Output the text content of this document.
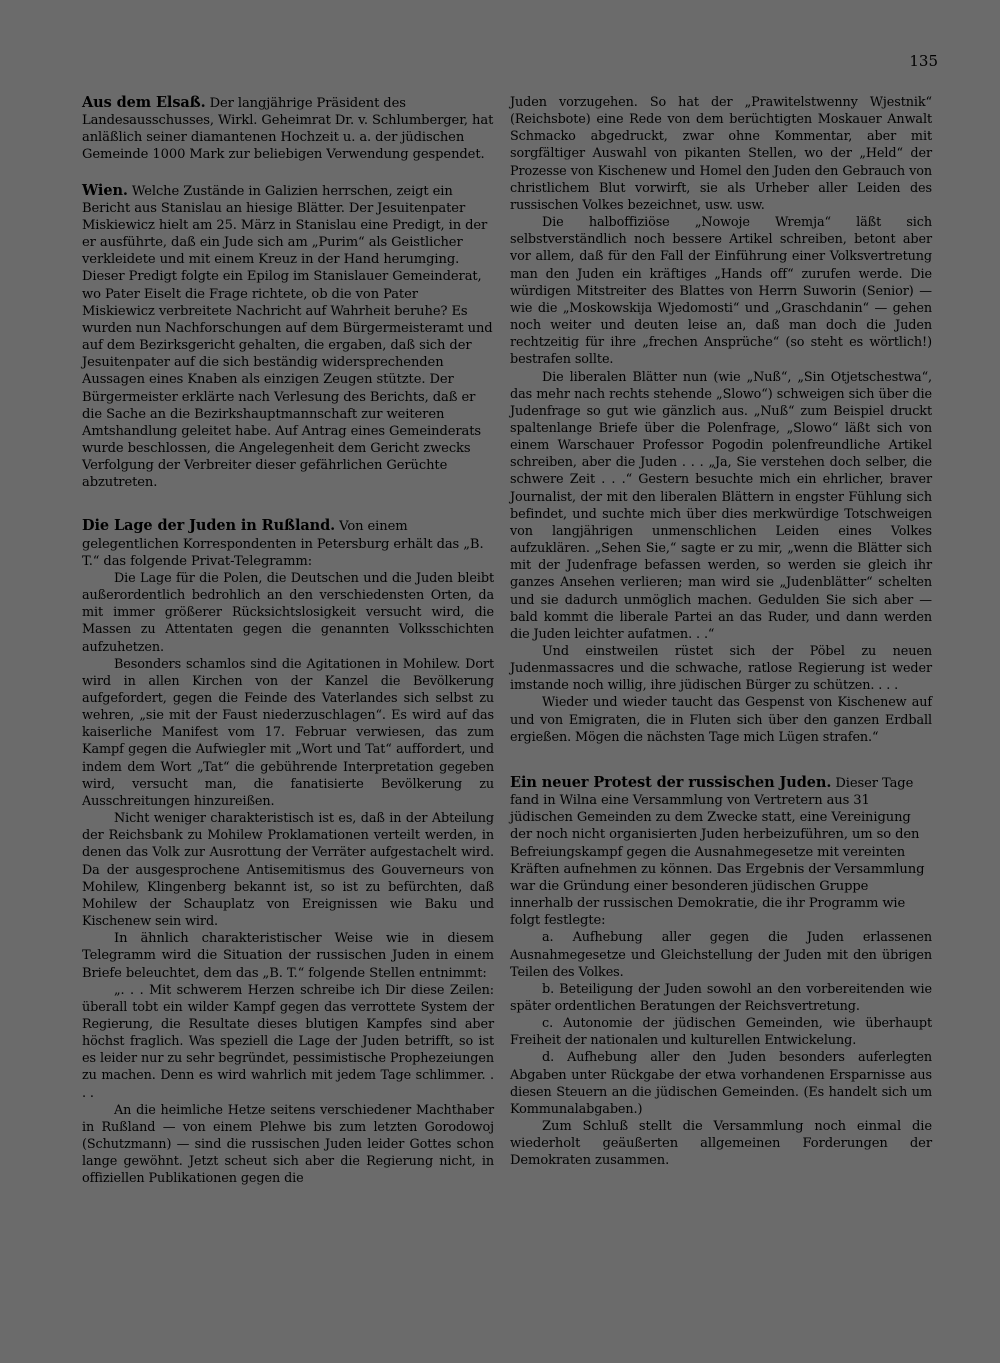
135

Aus dem Elsaß. Der langjährige Präsident des Landesausschusses, Wirkl. Geheimrat Dr. v. Schlumberger, hat anläßlich seiner diamantenen Hochzeit u. a. der jüdischen Gemeinde 1000 Mark zur beliebigen Verwendung gespendet.

Wien. Welche Zustände in Galizien herrschen, zeigt ein Bericht aus Stanislau an hiesige Blätter. Der Jesuitenpater Miskiewicz hielt am 25. März in Stanislau eine Predigt, in der er ausführte, daß ein Jude sich am „Purim“ als Geistlicher verkleidete und mit einem Kreuz in der Hand herumging. Dieser Predigt folgte ein Epilog im Stanislauer Gemeinderat, wo Pater Eiselt die Frage richtete, ob die von Pater Miskiewicz verbreitete Nachricht auf Wahrheit beruhe? Es wurden nun Nachforschungen auf dem Bürgermeisteramt und auf dem Bezirksgericht gehalten, die ergaben, daß sich der Jesuitenpater auf die sich beständig widersprechenden Aussagen eines Knaben als einzigen Zeugen stützte. Der Bürgermeister erklärte nach Verlesung des Berichts, daß er die Sache an die Bezirkshauptmannschaft zur weiteren Amtshandlung geleitet habe. Auf Antrag eines Gemeinderats wurde beschlossen, die Angelegenheit dem Gericht zwecks Verfolgung der Verbreiter dieser gefährlichen Gerüchte abzutreten.

Die Lage der Juden in Rußland. Von einem gelegentlichen Korrespondenten in Petersburg erhält das „B. T.“ das folgende Privat-Telegramm:

Die Lage für die Polen, die Deutschen und die Juden bleibt außerordentlich bedrohlich an den verschiedensten Orten, da mit immer größerer Rücksichtslosigkeit versucht wird, die Massen zu Attentaten gegen die genannten Volksschichten aufzuhetzen.

Besonders schamlos sind die Agitationen in Mohilew. Dort wird in allen Kirchen von der Kanzel die Bevölkerung aufgefordert, gegen die Feinde des Vaterlandes sich selbst zu wehren, „sie mit der Faust niederzuschlagen“. Es wird auf das kaiserliche Manifest vom 17. Februar verwiesen, das zum Kampf gegen die Aufwiegler mit „Wort und Tat“ auffordert, und indem dem Wort „Tat“ die gebührende Interpretation gegeben wird, versucht man, die fanatisierte Bevölkerung zu Ausschreitungen hinzureißen.

Nicht weniger charakteristisch ist es, daß in der Abteilung der Reichsbank zu Mohilew Proklamationen verteilt werden, in denen das Volk zur Ausrottung der Verräter aufgestachelt wird. Da der ausgesprochene Antisemitismus des Gouverneurs von Mohilew, Klingenberg bekannt ist, so ist zu befürchten, daß Mohilew der Schauplatz von Ereignissen wie Baku und Kischenew sein wird.

In ähnlich charakteristischer Weise wie in diesem Telegramm wird die Situation der russischen Juden in einem Briefe beleuchtet, dem das „B. T.“ folgende Stellen entnimmt:

„. . . Mit schwerem Herzen schreibe ich Dir diese Zeilen: überall tobt ein wilder Kampf gegen das verrottete System der Regierung, die Resultate dieses blutigen Kampfes sind aber höchst fraglich. Was speziell die Lage der Juden betrifft, so ist es leider nur zu sehr begründet, pessimistische Prophezeiungen zu machen. Denn es wird wahrlich mit jedem Tage schlimmer. . . .

An die heimliche Hetze seitens verschiedener Machthaber in Rußland — von einem Plehwe bis zum letzten Gorodowoj (Schutzmann) — sind die russischen Juden leider Gottes schon lange gewöhnt. Jetzt scheut sich aber die Regierung nicht, in offiziellen Publikationen gegen die

Juden vorzugehen. So hat der „Prawitelstwenny Wjestnik“ (Reichsbote) eine Rede von dem berüchtigten Moskauer Anwalt Schmacko abgedruckt, zwar ohne Kommentar, aber mit sorgfältiger Auswahl von pikanten Stellen, wo der „Held“ der Prozesse von Kischenew und Homel den Juden den Gebrauch von christlichem Blut vorwirft, sie als Urheber aller Leiden des russischen Volkes bezeichnet, usw. usw.

Die halboffiziöse „Nowoje Wremja“ läßt sich selbstverständlich noch bessere Artikel schreiben, betont aber vor allem, daß für den Fall der Einführung einer Volksvertretung man den Juden ein kräftiges „Hands off“ zurufen werde. Die würdigen Mitstreiter des Blattes von Herrn Suworin (Senior) — wie die „Moskowskija Wjedomosti“ und „Graschdanin“ — gehen noch weiter und deuten leise an, daß man doch die Juden rechtzeitig für ihre „frechen Ansprüche“ (so steht es wörtlich!) bestrafen sollte.

Die liberalen Blätter nun (wie „Nuß“, „Sin Otjetschestwa“, das mehr nach rechts stehende „Slowo“) schweigen sich über die Judenfrage so gut wie gänzlich aus. „Nuß“ zum Beispiel druckt spaltenlange Briefe über die Polenfrage, „Slowo“ läßt sich von einem Warschauer Professor Pogodin polenfreundliche Artikel schreiben, aber die Juden . . . „Ja, Sie verstehen doch selber, die schwere Zeit . . .“ Gestern besuchte mich ein ehrlicher, braver Journalist, der mit den liberalen Blättern in engster Fühlung sich befindet, und suchte mich über dies merkwürdige Totschweigen von langjährigen unmenschlichen Leiden eines Volkes aufzuklären. „Sehen Sie,“ sagte er zu mir, „wenn die Blätter sich mit der Judenfrage befassen werden, so werden sie gleich ihr ganzes Ansehen verlieren; man wird sie „Judenblätter“ schelten und sie dadurch unmöglich machen. Gedulden Sie sich aber — bald kommt die liberale Partei an das Ruder, und dann werden die Juden leichter aufatmen. . .“

Und einstweilen rüstet sich der Pöbel zu neuen Judenmassacres und die schwache, ratlose Regierung ist weder imstande noch willig, ihre jüdischen Bürger zu schützen. . . .

Wieder und wieder taucht das Gespenst von Kischenew auf und von Emigraten, die in Fluten sich über den ganzen Erdball ergießen. Mögen die nächsten Tage mich Lügen strafen.“

Ein neuer Protest der russischen Juden. Dieser Tage fand in Wilna eine Versammlung von Vertretern aus 31 jüdischen Gemeinden zu dem Zwecke statt, eine Vereinigung der noch nicht organisierten Juden herbeizuführen, um so den Befreiungskampf gegen die Ausnahmegesetze mit vereinten Kräften aufnehmen zu können. Das Ergebnis der Versammlung war die Gründung einer besonderen jüdischen Gruppe innerhalb der russischen Demokratie, die ihr Programm wie folgt festlegte:

a. Aufhebung aller gegen die Juden erlassenen Ausnahmegesetze und Gleichstellung der Juden mit den übrigen Teilen des Volkes.

b. Beteiligung der Juden sowohl an den vorbereitenden wie später ordentlichen Beratungen der Reichsvertretung.

c. Autonomie der jüdischen Gemeinden, wie überhaupt Freiheit der nationalen und kulturellen Entwickelung.

d. Aufhebung aller den Juden besonders auferlegten Abgaben unter Rückgabe der etwa vorhandenen Ersparnisse aus diesen Steuern an die jüdischen Gemeinden. (Es handelt sich um Kommunalabgaben.)

Zum Schluß stellt die Versammlung noch einmal die wiederholt geäußerten allgemeinen Forderungen der Demokraten zusammen.
